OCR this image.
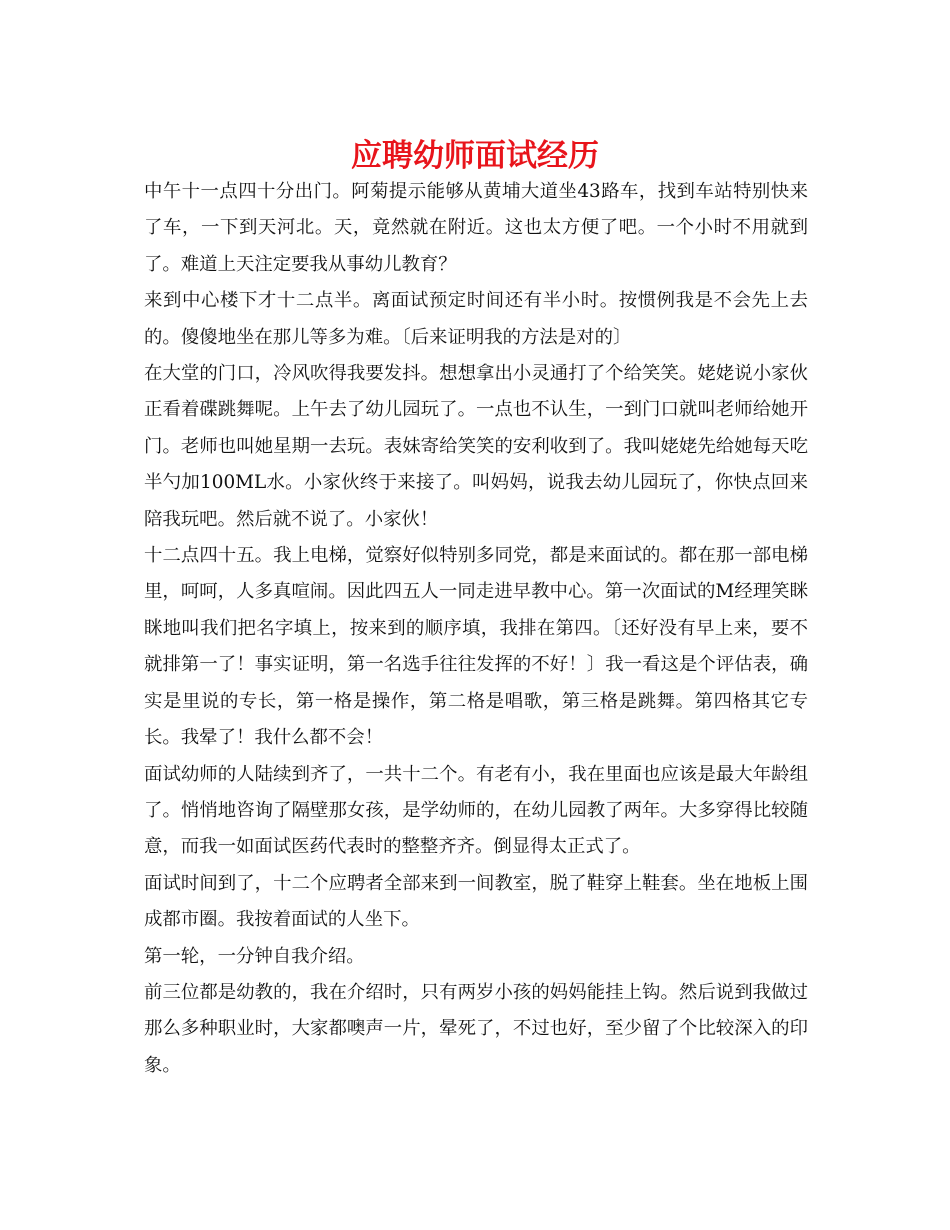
应聘幼师面试经历

中午十一点四十分出门。阿菊提示能够从黄埔大道坐43路车，找到车站特别快来了车，一下到天河北。天，竟然就在附近。这也太方便了吧。一个小时不用就到了。难道上天注定要我从事幼儿教育？

来到中心楼下才十二点半。离面试预定时间还有半小时。按惯例我是不会先上去的。傻傻地坐在那儿等多为难。〔后来证明我的方法是对的〕

在大堂的门口，冷风吹得我要发抖。想想拿出小灵通打了个给笑笑。姥姥说小家伙正看着碟跳舞呢。上午去了幼儿园玩了。一点也不认生，一到门口就叫老师给她开门。老师也叫她星期一去玩。表妹寄给笑笑的安利收到了。我叫姥姥先给她每天吃半勺加100ML水。小家伙终于来接了。叫妈妈，说我去幼儿园玩了，你快点回来陪我玩吧。然后就不说了。小家伙！

十二点四十五。我上电梯，觉察好似特别多同党，都是来面试的。都在那一部电梯里，呵呵，人多真喧闹。因此四五人一同走进早教中心。第一次面试的M经理笑眯眯地叫我们把名字填上，按来到的顺序填，我排在第四。〔还好没有早上来，要不就排第一了！事实证明，第一名选手往往发挥的不好！〕我一看这是个评估表，确实是里说的专长，第一格是操作，第二格是唱歌，第三格是跳舞。第四格其它专长。我晕了！我什么都不会！

面试幼师的人陆续到齐了，一共十二个。有老有小，我在里面也应该是最大年龄组了。悄悄地咨询了隔壁那女孩，是学幼师的，在幼儿园教了两年。大多穿得比较随意，而我一如面试医药代表时的整整齐齐。倒显得太正式了。

面试时间到了，十二个应聘者全部来到一间教室，脱了鞋穿上鞋套。坐在地板上围成都市圈。我按着面试的人坐下。

第一轮，一分钟自我介绍。

前三位都是幼教的，我在介绍时，只有两岁小孩的妈妈能挂上钩。然后说到我做过那么多种职业时，大家都噢声一片，晕死了，不过也好，至少留了个比较深入的印象。
